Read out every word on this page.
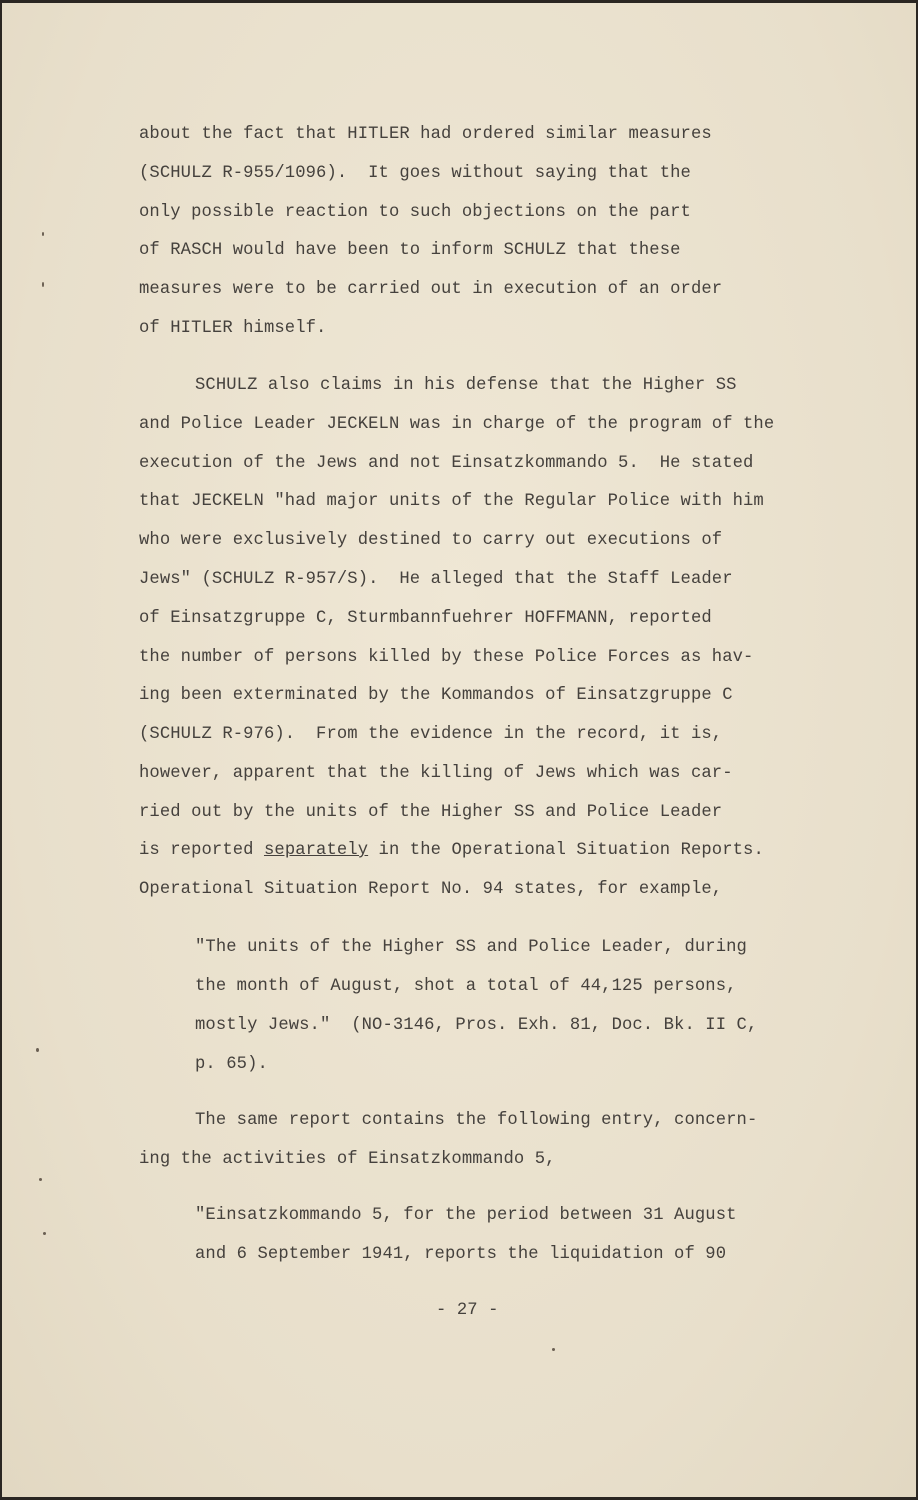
about the fact that HITLER had ordered similar measures
(SCHULZ R-955/1096).  It goes without saying that the
only possible reaction to such objections on the part
of RASCH would have been to inform SCHULZ that these
measures were to be carried out in execution of an order
of HITLER himself.
SCHULZ also claims in his defense that the Higher SS
and Police Leader JECKELN was in charge of the program of the
execution of the Jews and not Einsatzkommando 5.  He stated
that JECKELN "had major units of the Regular Police with him
who were exclusively destined to carry out executions of
Jews" (SCHULZ R-957/S).  He alleged that the Staff Leader
of Einsatzgruppe C, Sturmbannfuehrer HOFFMANN, reported
the number of persons killed by these Police Forces as hav-
ing been exterminated by the Kommandos of Einsatzgruppe C
(SCHULZ R-976).  From the evidence in the record, it is,
however, apparent that the killing of Jews which was car-
ried out by the units of the Higher SS and Police Leader
is reported separately in the Operational Situation Reports.
Operational Situation Report No. 94 states, for example,
"The units of the Higher SS and Police Leader, during
the month of August, shot a total of 44,125 persons,
mostly Jews."  (NO-3146, Pros. Exh. 81, Doc. Bk. II C,
p. 65).
The same report contains the following entry, concern-
ing the activities of Einsatzkommando 5,
"Einsatzkommando 5, for the period between 31 August
and 6 September 1941, reports the liquidation of 90
- 27 -
